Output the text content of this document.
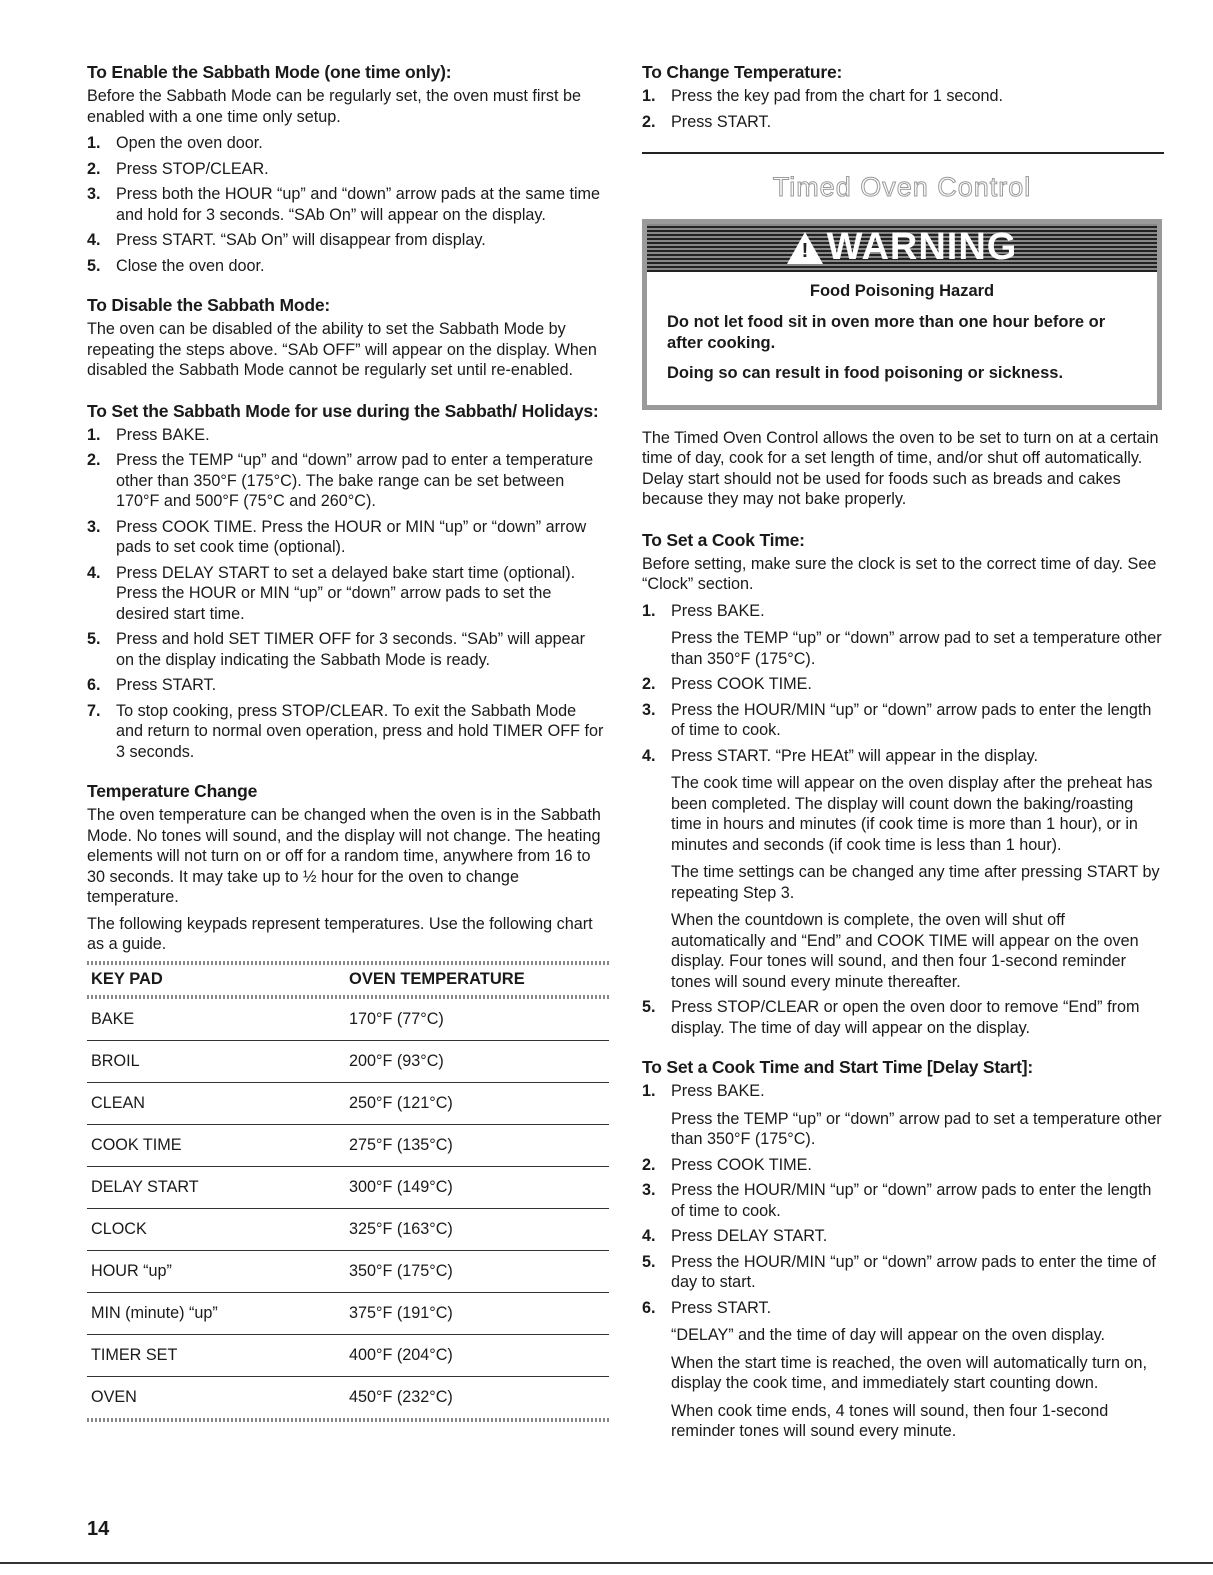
To Enable the Sabbath Mode (one time only):

Before the Sabbath Mode can be regularly set, the oven must first be enabled with a one time only setup.

1. Open the oven door.
2. Press STOP/CLEAR.
3. Press both the HOUR “up” and “down” arrow pads at the same time and hold for 3 seconds. “SAb On” will appear on the display.
4. Press START. “SAb On” will disappear from display.
5. Close the oven door.
To Disable the Sabbath Mode:

The oven can be disabled of the ability to set the Sabbath Mode by repeating the steps above. “SAb OFF” will appear on the display. When disabled the Sabbath Mode cannot be regularly set until re-enabled.

To Set the Sabbath Mode for use during the Sabbath/ Holidays:
1. Press BAKE.
2. Press the TEMP “up” and “down” arrow pad to enter a temperature other than 350°F (175°C). The bake range can be set between 170°F and 500°F (75°C and 260°C).
3. Press COOK TIME. Press the HOUR or MIN “up” or “down” arrow pads to set cook time (optional).
4. Press DELAY START to set a delayed bake start time (optional). Press the HOUR or MIN “up” or “down” arrow pads to set the desired start time.
5. Press and hold SET TIMER OFF for 3 seconds. “SAb” will appear on the display indicating the Sabbath Mode is ready.
6. Press START.
7. To stop cooking, press STOP/CLEAR. To exit the Sabbath Mode and return to normal oven operation, press and hold TIMER OFF for 3 seconds.
Temperature Change

The oven temperature can be changed when the oven is in the Sabbath Mode. No tones will sound, and the display will not change. The heating elements will not turn on or off for a random time, anywhere from 16 to 30 seconds. It may take up to ½ hour for the oven to change temperature.

The following keypads represent temperatures. Use the following chart as a guide.

KEY PAD	OVEN TEMPERATURE
BAKE	170°F (77°C)
BROIL	200°F (93°C)
CLEAN	250°F (121°C)
COOK TIME	275°F (135°C)
DELAY START	300°F (149°C)
CLOCK	325°F (163°C)
HOUR “up”	350°F (175°C)
MIN (minute) “up”	375°F (191°C)
TIMER SET	400°F (204°C)
OVEN	450°F (232°C)
To Change Temperature:
1. Press the key pad from the chart for 1 second.
2. Press START.
Timed Oven Control
! WARNING
Food Poisoning Hazard
Do not let food sit in oven more than one hour before or after cooking.
Doing so can result in food poisoning or sickness.

The Timed Oven Control allows the oven to be set to turn on at a certain time of day, cook for a set length of time, and/or shut off automatically. Delay start should not be used for foods such as breads and cakes because they may not bake properly.

To Set a Cook Time:

Before setting, make sure the clock is set to the correct time of day. See “Clock” section.

1. Press BAKE.

Press the TEMP “up” or “down” arrow pad to set a temperature other than 350°F (175°C).

2. Press COOK TIME.
3. Press the HOUR/MIN “up” or “down” arrow pads to enter the length of time to cook.
4. Press START. “Pre HEAt” will appear in the display.

The cook time will appear on the oven display after the preheat has been completed. The display will count down the baking/roasting time in hours and minutes (if cook time is more than 1 hour), or in minutes and seconds (if cook time is less than 1 hour).

The time settings can be changed any time after pressing START by repeating Step 3.

When the countdown is complete, the oven will shut off automatically and “End” and COOK TIME will appear on the oven display. Four tones will sound, and then four 1-second reminder tones will sound every minute thereafter.

5. Press STOP/CLEAR or open the oven door to remove “End” from display. The time of day will appear on the display.
To Set a Cook Time and Start Time [Delay Start]:
1. Press BAKE.

Press the TEMP “up” or “down” arrow pad to set a temperature other than 350°F (175°C).

2. Press COOK TIME.
3. Press the HOUR/MIN “up” or “down” arrow pads to enter the length of time to cook.
4. Press DELAY START.
5. Press the HOUR/MIN “up” or “down” arrow pads to enter the time of day to start.
6. Press START.

“DELAY” and the time of day will appear on the oven display.

When the start time is reached, the oven will automatically turn on, display the cook time, and immediately start counting down.

When cook time ends, 4 tones will sound, then four 1-second reminder tones will sound every minute.

14
